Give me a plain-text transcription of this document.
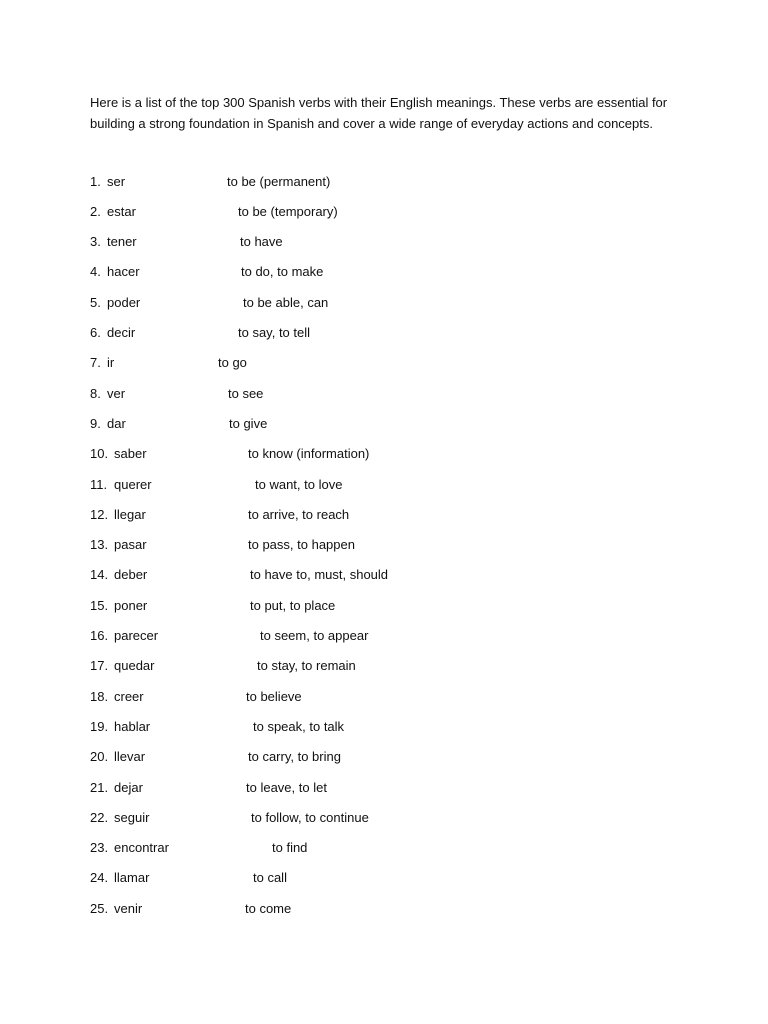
Here is a list of the top 300 Spanish verbs with their English meanings. These verbs are essential for building a strong foundation in Spanish and cover a wide range of everyday actions and concepts.

1. ser	to be (permanent)
2. estar	to be (temporary)
3. tener	to have
4. hacer	to do, to make
5. poder	to be able, can
6. decir	to say, to tell
7. ir	to go
8. ver	to see
9. dar	to give
10. saber	to know (information)
11. querer	to want, to love
12. llegar	to arrive, to reach
13. pasar	to pass, to happen
14. deber	to have to, must, should
15. poner	to put, to place
16. parecer	to seem, to appear
17. quedar	to stay, to remain
18. creer	to believe
19. hablar	to speak, to talk
20. llevar	to carry, to bring
21. dejar	to leave, to let
22. seguir	to follow, to continue
23. encontrar	to find
24. llamar	to call
25. venir	to come
